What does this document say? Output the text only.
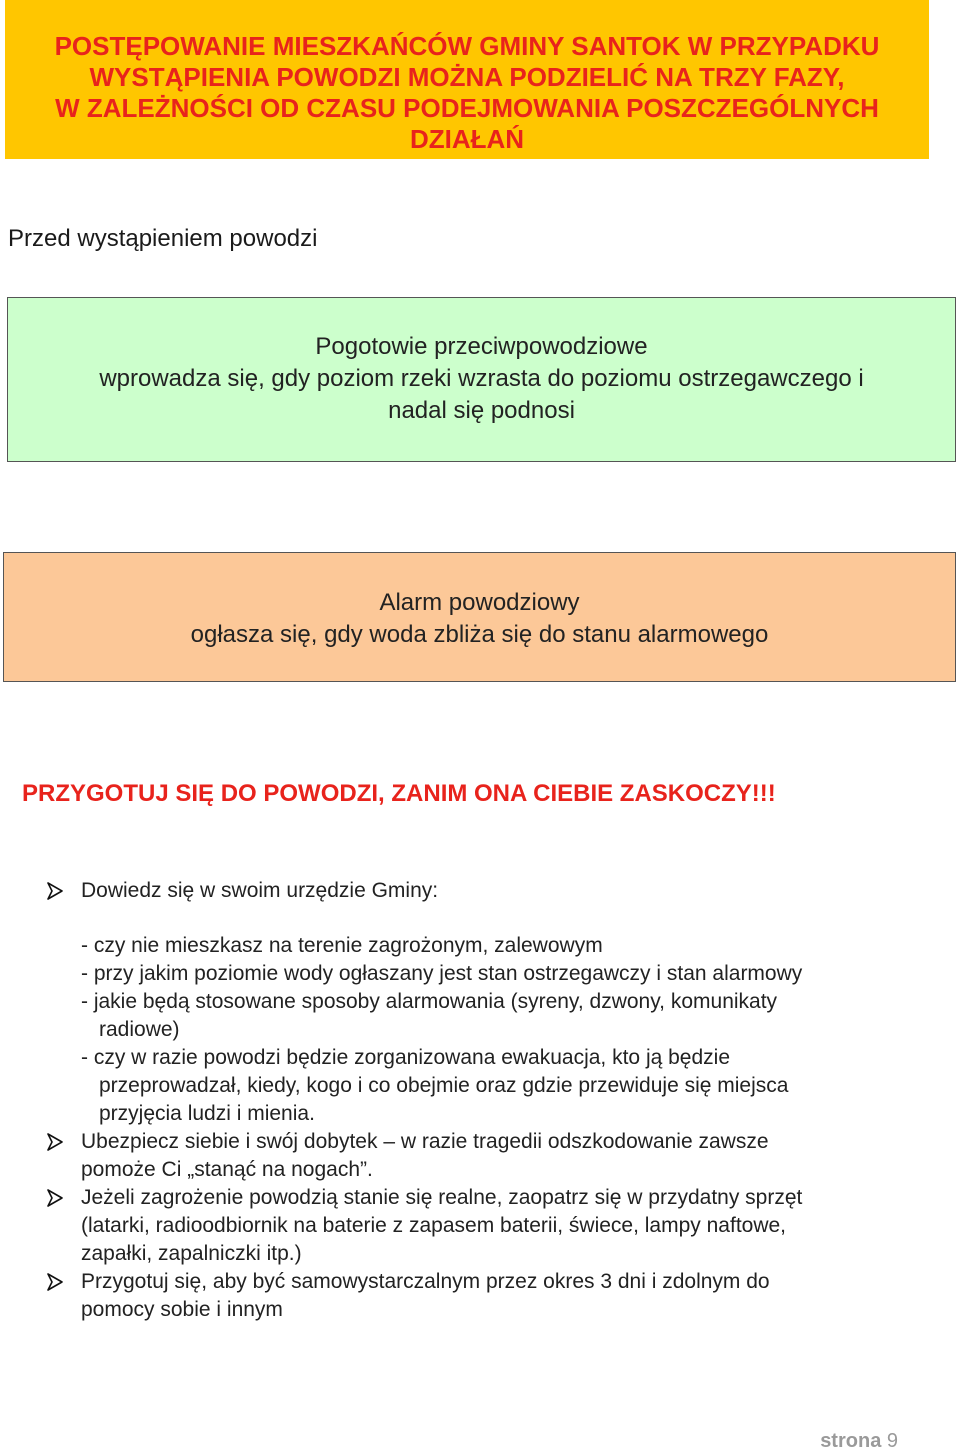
POSTĘPOWANIE MIESZKAŃCÓW GMINY SANTOK W PRZYPADKU
WYSTĄPIENIA POWODZI MOŻNA PODZIELIĆ NA TRZY FAZY,
W ZALEŻNOŚCI OD CZASU PODEJMOWANIA POSZCZEGÓLNYCH
DZIAŁAŃ
Przed wystąpieniem powodzi
Pogotowie przeciwpowodziowe
wprowadza się, gdy poziom rzeki wzrasta do poziomu ostrzegawczego i
nadal się podnosi
Alarm powodziowy
ogłasza się, gdy woda zbliża się do stanu alarmowego
PRZYGOTUJ SIĘ DO POWODZI, ZANIM ONA CIEBIE ZASKOCZY!!!
Dowiedz się w swoim urzędzie Gminy:
- czy nie mieszkasz na terenie zagrożonym, zalewowym
- przy jakim poziomie wody ogłaszany jest stan ostrzegawczy i stan alarmowy
- jakie będą stosowane sposoby alarmowania (syreny, dzwony, komunikaty
radiowe)
- czy w razie powodzi będzie zorganizowana ewakuacja, kto ją będzie
przeprowadzał, kiedy, kogo i co obejmie oraz gdzie przewiduje się miejsca
przyjęcia ludzi i mienia.
Ubezpiecz siebie i swój dobytek – w razie tragedii odszkodowanie zawsze
pomoże Ci „stanąć na nogach”.
Jeżeli zagrożenie powodzią stanie się realne, zaopatrz się w przydatny sprzęt
(latarki, radioodbiornik na baterie z zapasem baterii, świece, lampy naftowe,
zapałki, zapalniczki itp.)
Przygotuj się, aby być samowystarczalnym przez okres 3 dni i zdolnym do
pomocy sobie i innym
strona 9
